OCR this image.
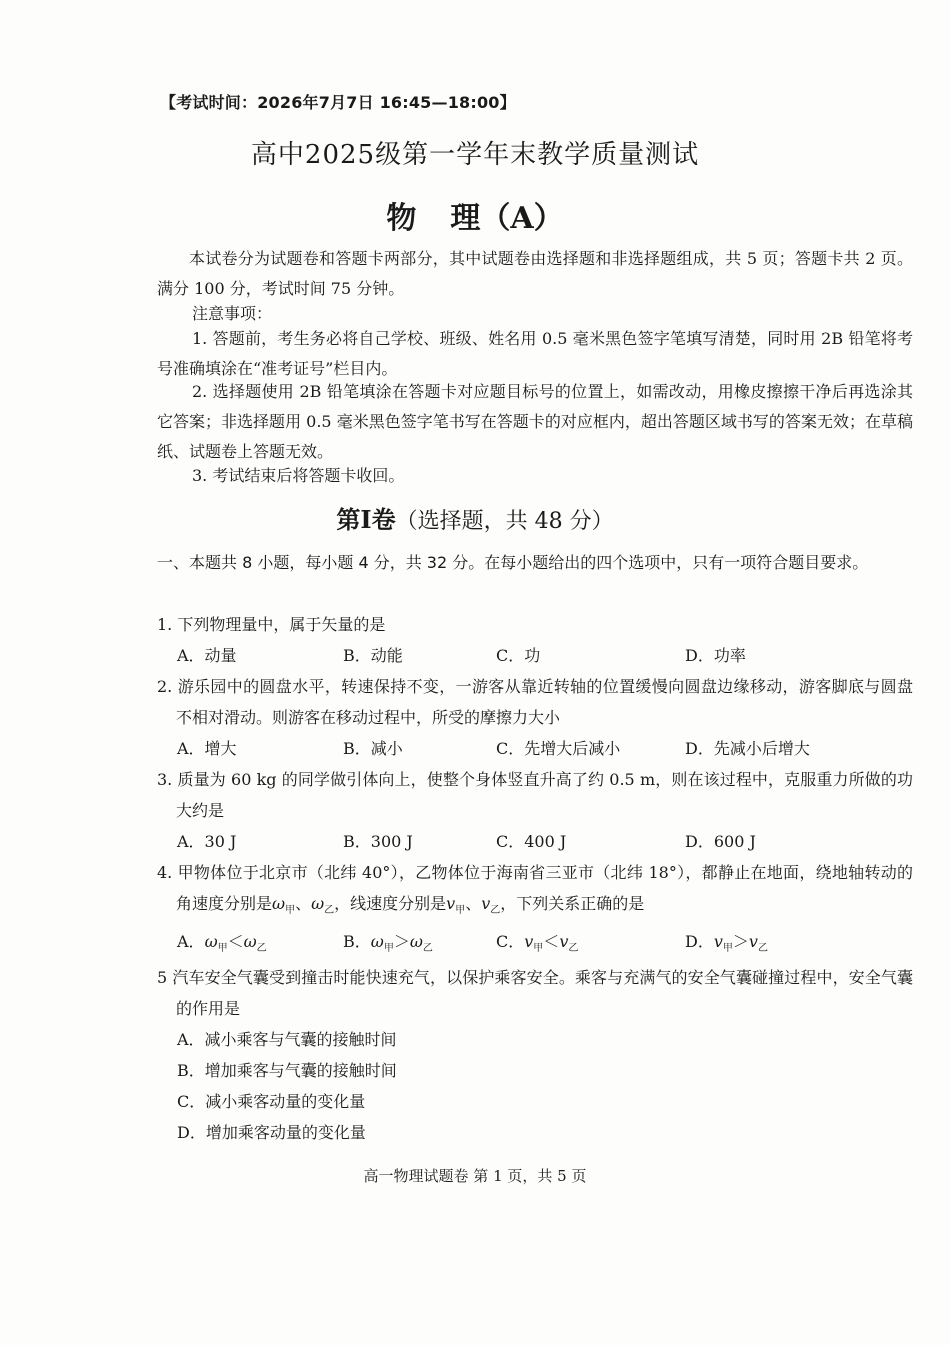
【考试时间：2026年7月7日 16:45—18:00】
高中2025级第一学年末教学质量测试
物 理（A）
本试卷分为试题卷和答题卡两部分，其中试题卷由选择题和非选择题组成，共 5 页；答题卡共 2 页。满分 100 分，考试时间 75 分钟。
注意事项：
1. 答题前，考生务必将自己学校、班级、姓名用 0.5 毫米黑色签字笔填写清楚，同时用 2B 铅笔将考号准确填涂在“准考证号”栏目内。
2. 选择题使用 2B 铅笔填涂在答题卡对应题目标号的位置上，如需改动，用橡皮擦擦干净后再选涂其它答案；非选择题用 0.5 毫米黑色签字笔书写在答题卡的对应框内，超出答题区域书写的答案无效；在草稿纸、试题卷上答题无效。
3. 考试结束后将答题卡收回。
第Ⅰ卷（选择题，共 48 分）
一、本题共 8 小题，每小题 4 分，共 32 分。在每小题给出的四个选项中，只有一项符合题目要求。
1. 下列物理量中，属于矢量的是
A．动量	B．动能	C．功	D．功率
2. 游乐园中的圆盘水平，转速保持不变，一游客从靠近转轴的位置缓慢向圆盘边缘移动，游客脚底与圆盘不相对滑动。则游客在移动过程中，所受的摩擦力大小
A．增大	B．减小	C．先增大后减小	D．先减小后增大
3. 质量为 60 kg 的同学做引体向上，使整个身体竖直升高了约 0.5 m，则在该过程中，克服重力所做的功大约是
A．30 J	B．300 J	C．400 J	D．600 J
4. 甲物体位于北京市（北纬 40°），乙物体位于海南省三亚市（北纬 18°），都静止在地面，绕地轴转动的角速度分别是$\omega_甲$、$\omega_乙$，线速度分别是$v_甲$、$v_乙$，下列关系正确的是
A．$\omega_甲<\omega_乙$	B．$\omega_甲>\omega_乙$	C．$v_甲<v_乙$	D．$v_甲>v_乙$
5 汽车安全气囊受到撞击时能快速充气，以保护乘客安全。乘客与充满气的安全气囊碰撞过程中，安全气囊的作用是
A．减小乘客与气囊的接触时间
B．增加乘客与气囊的接触时间
C．减小乘客动量的变化量
D．增加乘客动量的变化量
高一物理试题卷 第 1 页，共 5 页
